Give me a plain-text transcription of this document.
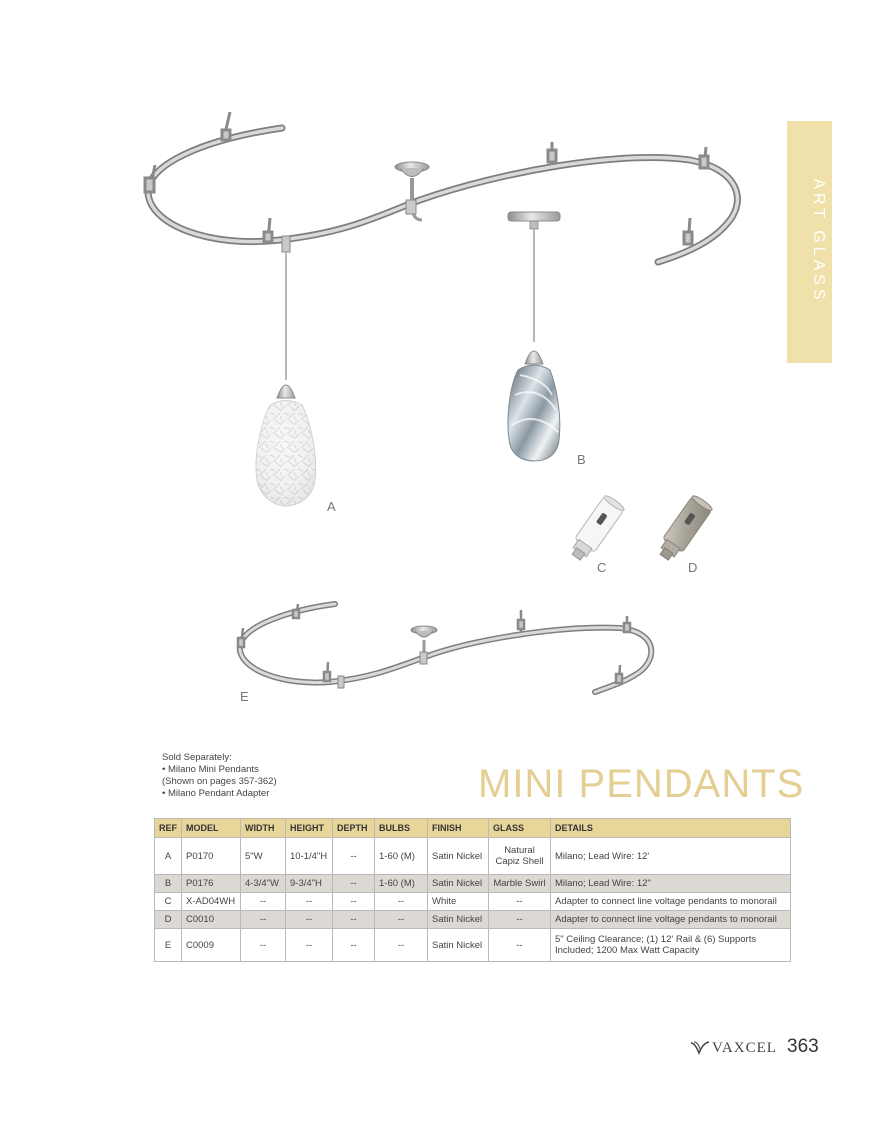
ART GLASS
A
B
C	D
E
Sold Separately:
• Milano Mini Pendants
(Shown on pages 357-362)
• Milano Pendant Adapter	MINI PENDANTS
REF	MODEL	WIDTH	HEIGHT	DEPTH	BULBS	FINISH	GLASS	DETAILS
A	P0170	5"W	10-1/4"H	--	1-60 (M)	Satin Nickel	Natural Capiz Shell	Milano; Lead Wire: 12'
B	P0176	4-3/4"W	9-3/4"H	--	1-60 (M)	Satin Nickel	Marble Swirl	Milano; Lead Wire: 12"
C	X-AD04WH	--	--	--	--	White	--	Adapter to connect line voltage pendants to monorail
D	C0010	--	--	--	--	Satin Nickel	--	Adapter to connect line voltage pendants to monorail
E	C0009	--	--	--	--	Satin Nickel	--	5" Ceiling Clearance; (1) 12' Rail & (6) Supports Included; 1200 Max Watt Capacity
VAXCEL 363
